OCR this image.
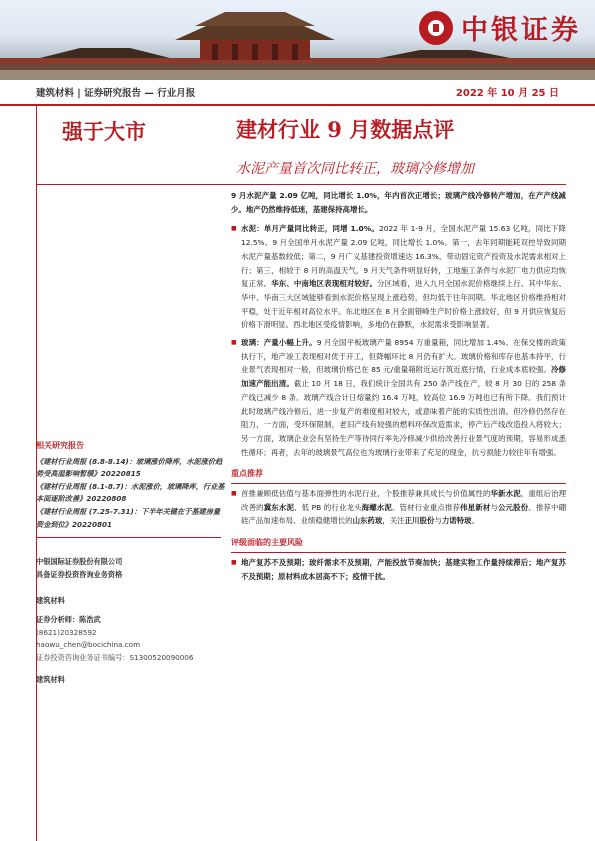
中银证券
建筑材料 | 证券研究报告 — 行业月报	2022 年 10 月 25 日
强于大市	建材行业 9 月数据点评
水泥产量首次同比转正，玻璃冷修增加
相关研究报告
《建材行业周报 (8.8-8.14)：玻璃涨价降库，水泥涨价趋势受高温影响暂缓》20220815
《建材行业周报 (8.1-8.7)：水泥涨价，玻璃降库，行业基本面逐阶改善》20220808
《建材行业周报 (7.25-7.31)：下半年关键在于基建房量资金到位》20220801
中银国际证券股份有限公司
具备证券投资咨询业务资格
建筑材料
证券分析师：陈浩武
(8621)20328592
haowu_chen@bocichina.com
证券投资咨询业务证书编号：S1300520090006
建筑材料
9 月水泥产量 2.09 亿吨，同比增长 1.0%，年内首次正增长；玻璃产线冷修转产增加，在产产线减少。地产仍然维持低迷，基建保持高增长。
■ 水泥：单月产量同比转正，同增 1.0%。2022 年 1-9 月，全国水泥产量 15.63 亿吨，同比下降 12.5%。9 月全国单月水泥产量 2.09 亿吨，同比增长 1.0%。第一，去年同期能耗双控导致同期水泥产量基数较低；第二，9 月广义基建投资增速达 16.3%，带动固定资产投资及水泥需求相对上行；第三，相较于 8 月的高温天气，9 月天气条件明显好转，工地施工条件与水泥厂电力供应均恢复正常。华东、中南地区表现相对较好。分区域看，进入九月全国水泥价格继续上行。其中华东、华中、华南三大区域能够看到水泥价格呈现上涨趋势，但均低于往年同期。华北地区价格维持相对平稳，处于近年相对高位水平。东北地区在 8 月全面错峰生产时价格上涨较好，但 9 月供应恢复后价格下滑明显。西北地区受疫情影响，多地仍在静默，水泥需求受影响显著。
■ 玻璃：产量小幅上升。9 月全国平板玻璃产量 8954 万重量箱，同比增加 1.4%。在保交楼的政策执行下，地产竣工表现相对优于开工，但降幅环比 8 月仍有扩大。玻璃价格和库存也基本持平，行业景气表现相对一般，但玻璃价格已在 85 元/重量箱附近运行筑近底行情，行业成本底较强。冷修加速产能出清。截止 10 月 18 日，我们统计全国共有 250 条产线在产，较 8 月 30 日的 258 条产线已减少 8 条。玻璃产线合计日熔量约 16.4 万吨，较高位 16.9 万吨也已有所下降。我们预计此时玻璃产线冷修后，进一步复产的难度相对较大，或意味着产能的实质性出清。但冷修仍然存在阻力，一方面，受环保限制，老旧产线有较强的燃料环保改造需求，停产后产线改造投入将较大；另一方面，玻璃企业会有坚持生产等待同行率先冷修减少供给改善行业景气度的预期，容易形成悉性循环；再者，去年的玻璃景气高位也为玻璃行业带来了充足的现金，抗亏损能力较往年有增强。
重点推荐
■ 首推兼顾低估值与基本面弹性的水泥行业，个股推荐兼具成长与价值属性的华新水泥，重组后治理改善的冀东水泥、低 PB 的行业龙头海螺水泥。管材行业重点推荐伟星新材与公元股份。推荐中硼硅产品加速布局、业绩稳健增长的山东药玻，关注正川股份与力诺特玻。
评级面临的主要风险
■ 地产复苏不及预期；玻纤需求不及预期，产能投放节奏加快；基建实物工作量持续滞后；地产复苏不及预期；原材料成本居高不下；疫情干扰。
